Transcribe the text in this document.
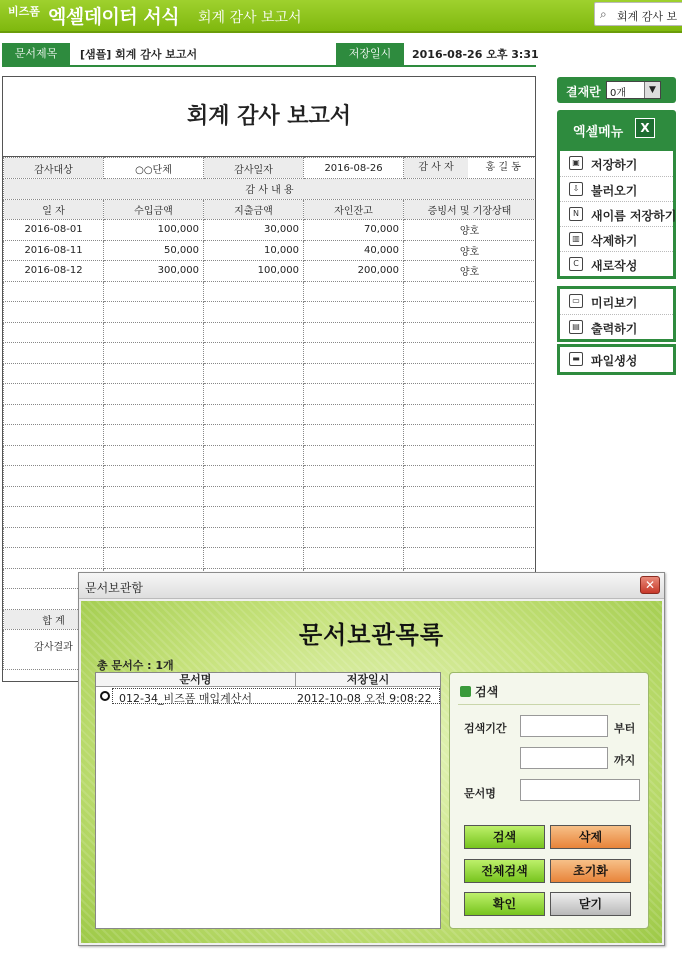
비즈폼 엑셀데이터 서식 회계 감사 보고서	⌕ 회계 감사 보
문서제목	[샘플] 회계 감사 보고서	저장일시	2016-08-26 오후 3:31
회계 감사 보고서
감사대상	○○단체	감사일자	2016-08-26	감 사 자 홍 길 동
감 사 내 용				
일 자	수입금액	지출금액	자인잔고	증빙서 및 기장상태
2016-08-01	100,000	30,000	70,000	양호
2016-08-11	50,000	10,000	40,000	양호
2016-08-12	300,000	100,000	200,000	양호

합 계				
감사결과				
결재란 0개	▼
엑셀메뉴	X
▣ 저장하기
⇩ 불러오기
N	새이름 저장하기
▥ 삭제하기
C	새로작성
▭ 미리보기
▤ 출력하기
▬ 파일생성
문서보관함	✕
문서보관목록
총 문서수 : 1개
문서명	저장일시
012-34_비즈폼 매입계산서	2012-10-08 오전 9:08:22	검색
검색기간	부터
까지
문서명
검색	삭제
전체검색	초기화
확인	닫기
